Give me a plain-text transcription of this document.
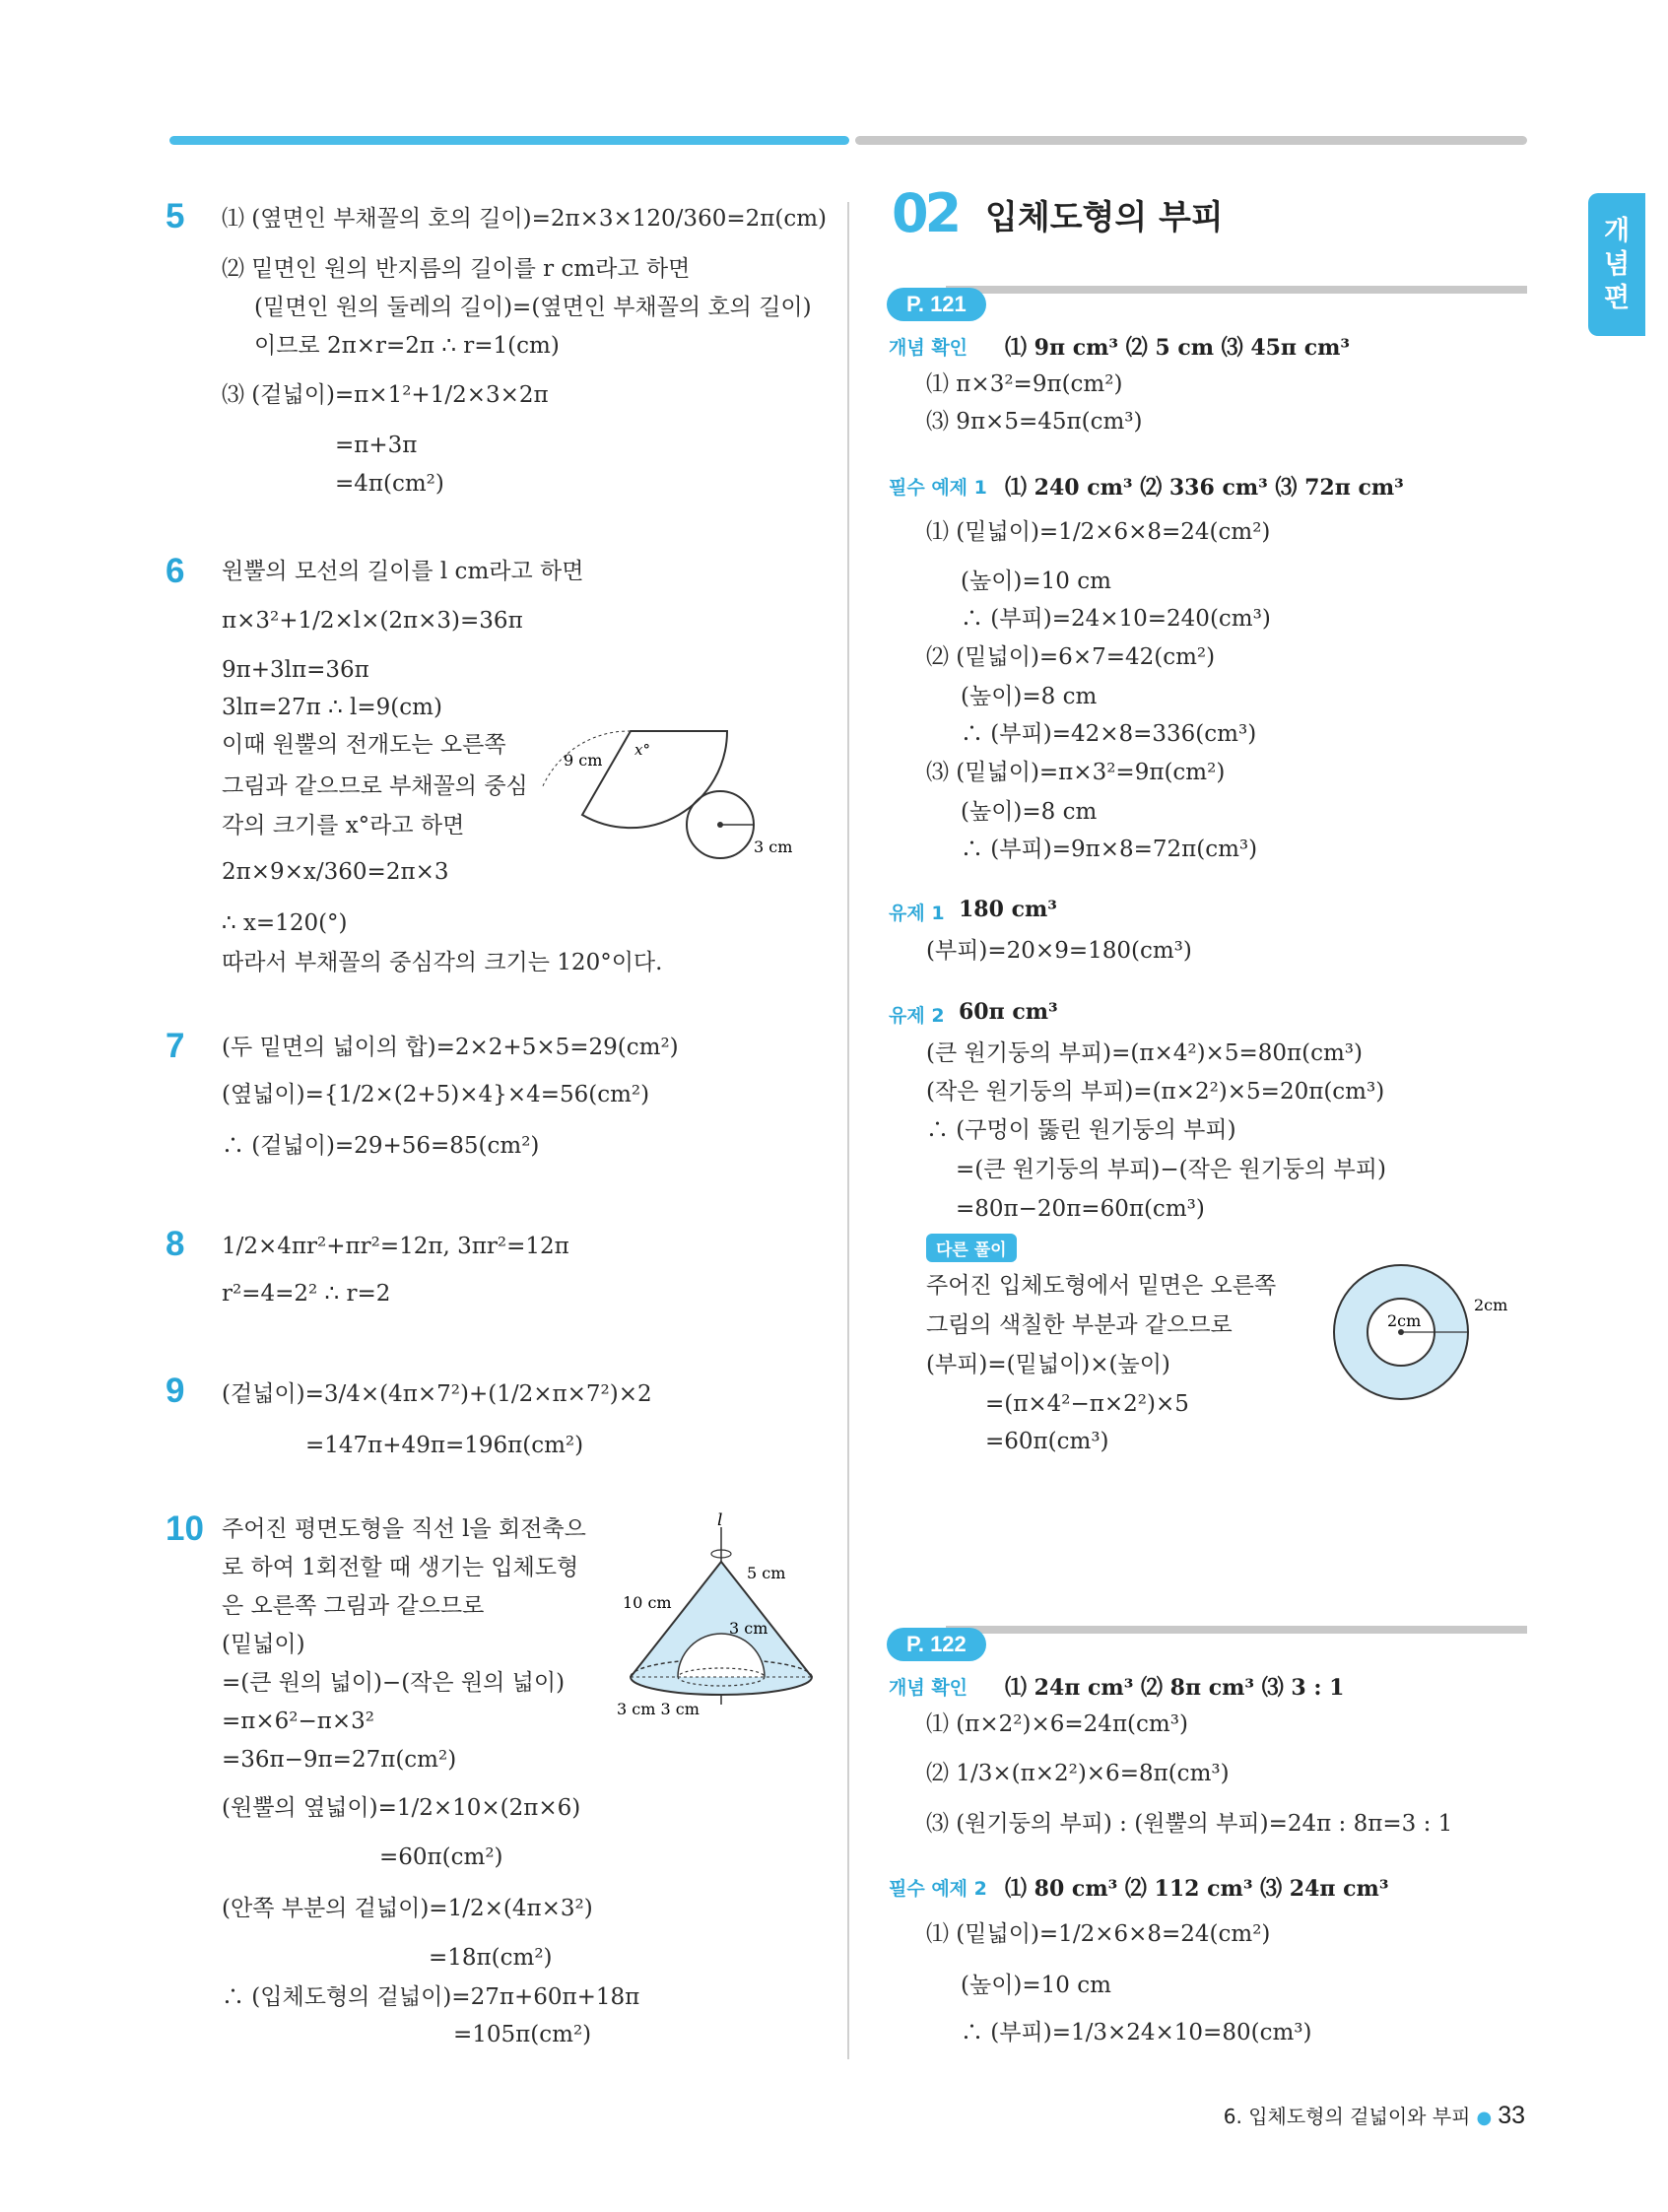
개
념
편
5 ⑴ (옆면인 부채꼴의 호의 길이)=2π×3×120/360=2π(cm)
⑵ 밑면인 원의 반지름의 길이를 r cm라고 하면
(밑면인 원의 둘레의 길이)=(옆면인 부채꼴의 호의 길이)
이므로 2π×r=2π ∴ r=1(cm)
⑶ (겉넓이)=π×1²+1/2×3×2π
=π+3π
=4π(cm²)
6 원뿔의 모선의 길이를 l cm라고 하면
π×3²+1/2×l×(2π×3)=36π
9π+3lπ=36π
3lπ=27π ∴ l=9(cm)
이때 원뿔의 전개도는 오른쪽
그림과 같으므로 부채꼴의 중심
각의 크기를 x°라고 하면
2π×9×x/360=2π×3
∴ x=120(°)
따라서 부채꼴의 중심각의 크기는 120°이다.
9 cm
x°
3 cm
7 (두 밑면의 넓이의 합)=2×2+5×5=29(cm²)
(옆넓이)={1/2×(2+5)×4}×4=56(cm²)
∴ (겉넓이)=29+56=85(cm²)
8 1/2×4πr²+πr²=12π, 3πr²=12π
r²=4=2² ∴ r=2
9 (겉넓이)=3/4×(4π×7²)+(1/2×π×7²)×2
=147π+49π=196π(cm²)
10 주어진 평면도형을 직선 l을 회전축으
로 하여 1회전할 때 생기는 입체도형
은 오른쪽 그림과 같으므로
(밑넓이)
=(큰 원의 넓이)−(작은 원의 넓이)
=π×6²−π×3²
=36π−9π=27π(cm²)
(원뿔의 옆넓이)=1/2×10×(2π×6)
=60π(cm²)
(안쪽 부분의 겉넓이)=1/2×(4π×3²)
=18π(cm²)
∴ (입체도형의 겉넓이)=27π+60π+18π
=105π(cm²)
l
10 cm
5 cm
3 cm
3 cm 3 cm
02 입체도형의 부피
P. 121
개념 확인 ⑴ 9π cm³ ⑵ 5 cm ⑶ 45π cm³
⑴ π×3²=9π(cm²)
⑶ 9π×5=45π(cm³)
필수 예제 1 ⑴ 240 cm³ ⑵ 336 cm³ ⑶ 72π cm³
⑴ (밑넓이)=1/2×6×8=24(cm²)
(높이)=10 cm
∴ (부피)=24×10=240(cm³)
⑵ (밑넓이)=6×7=42(cm²)
(높이)=8 cm
∴ (부피)=42×8=336(cm³)
⑶ (밑넓이)=π×3²=9π(cm²)
(높이)=8 cm
∴ (부피)=9π×8=72π(cm³)
유제 1 180 cm³
(부피)=20×9=180(cm³)
유제 2 60π cm³
(큰 원기둥의 부피)=(π×4²)×5=80π(cm³)
(작은 원기둥의 부피)=(π×2²)×5=20π(cm³)
∴ (구멍이 뚫린 원기둥의 부피)
=(큰 원기둥의 부피)−(작은 원기둥의 부피)
=80π−20π=60π(cm³)
다른 풀이
주어진 입체도형에서 밑면은 오른쪽
그림의 색칠한 부분과 같으므로
(부피)=(밑넓이)×(높이)
=(π×4²−π×2²)×5
=60π(cm³)
2cm
2cm
P. 122
개념 확인 ⑴ 24π cm³ ⑵ 8π cm³ ⑶ 3 : 1
⑴ (π×2²)×6=24π(cm³)
⑵ 1/3×(π×2²)×6=8π(cm³)
⑶ (원기둥의 부피) : (원뿔의 부피)=24π : 8π=3 : 1
필수 예제 2 ⑴ 80 cm³ ⑵ 112 cm³ ⑶ 24π cm³
⑴ (밑넓이)=1/2×6×8=24(cm²)
(높이)=10 cm
∴ (부피)=1/3×24×10=80(cm³)
6. 입체도형의 겉넓이와 부피 ● 33
